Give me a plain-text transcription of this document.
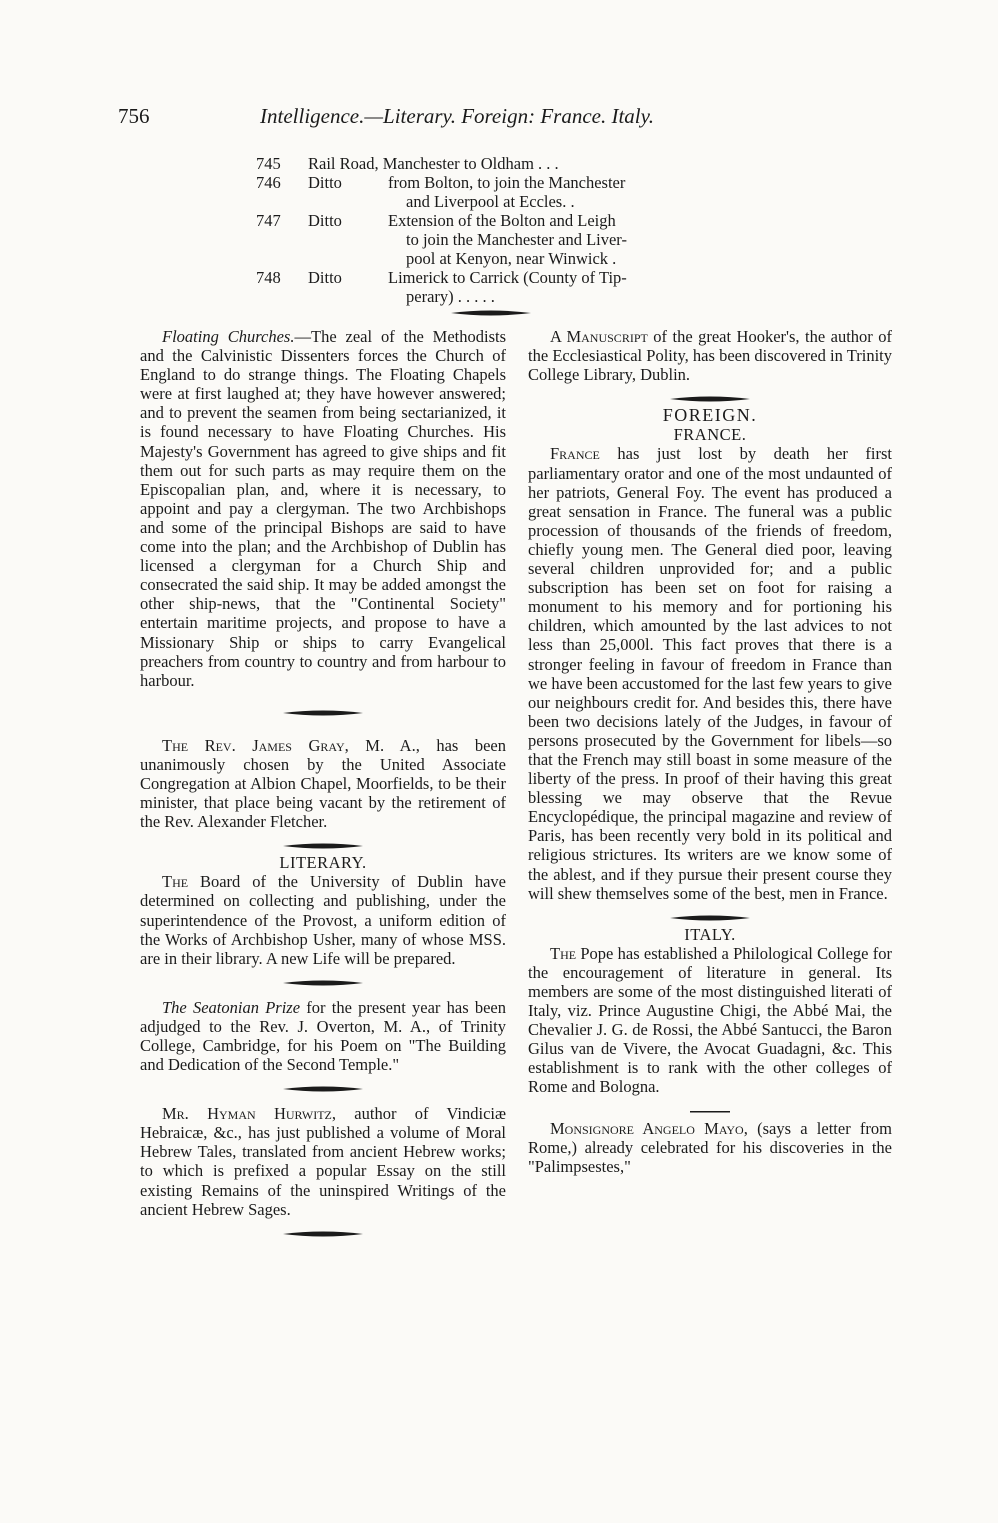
756	Intelligence.—Literary. Foreign: France. Italy.
745	Rail Road, Manchester to Oldham . . .
746	Ditto	from Bolton, to join the Manchester
and Liverpool at Eccles. .
747	Ditto	Extension of the Bolton and Leigh
to join the Manchester and Liver-
pool at Kenyon, near Winwick .
748	Ditto	Limerick to Carrick (County of Tip-
perary) . . . . .

Floating Churches.—The zeal of the Methodists and the Calvinistic Dissenters forces the Church of England to do strange things. The Floating Chapels were at first laughed at; they have however answered; and to prevent the seamen from being sectarianized, it is found necessary to have Floating Churches. His Majesty's Government has agreed to give ships and fit them out for such parts as may require them on the Episcopalian plan, and, where it is necessary, to appoint and pay a clergyman. The two Archbishops and some of the principal Bishops are said to have come into the plan; and the Archbishop of Dublin has licensed a clergyman for a Church Ship and consecrated the said ship. It may be added amongst the other ship-news, that the "Continental Society" entertain maritime projects, and propose to have a Missionary Ship or ships to carry Evangelical preachers from country to country and from harbour to harbour.

The Rev. James Gray, M. A., has been unanimously chosen by the United Associate Congregation at Albion Chapel, Moorfields, to be their minister, that place being vacant by the retirement of the Rev. Alexander Fletcher.

LITERARY.

The Board of the University of Dublin have determined on collecting and publishing, under the superintendence of the Provost, a uniform edition of the Works of Archbishop Usher, many of whose MSS. are in their library. A new Life will be prepared.

The Seatonian Prize for the present year has been adjudged to the Rev. J. Overton, M. A., of Trinity College, Cambridge, for his Poem on "The Building and Dedication of the Second Temple."

Mr. Hyman Hurwitz, author of Vindiciæ Hebraicæ, &c., has just published a volume of Moral Hebrew Tales, translated from ancient Hebrew works; to which is prefixed a popular Essay on the still existing Remains of the uninspired Writings of the ancient Hebrew Sages.

A Manuscript of the great Hooker's, the author of the Ecclesiastical Polity, has been discovered in Trinity College Library, Dublin.

FOREIGN.
FRANCE.

France has just lost by death her first parliamentary orator and one of the most undaunted of her patriots, General Foy. The event has produced a great sensation in France. The funeral was a public procession of thousands of the friends of freedom, chiefly young men. The General died poor, leaving several children unprovided for; and a public subscription has been set on foot for raising a monument to his memory and for portioning his children, which amounted by the last advices to not less than 25,000l. This fact proves that there is a stronger feeling in favour of freedom in France than we have been accustomed for the last few years to give our neighbours credit for. And besides this, there have been two decisions lately of the Judges, in favour of persons prosecuted by the Government for libels—so that the French may still boast in some measure of the liberty of the press. In proof of their having this great blessing we may observe that the Revue Encyclopédique, the principal magazine and review of Paris, has been recently very bold in its political and religious strictures. Its writers are we know some of the ablest, and if they pursue their present course they will shew themselves some of the best, men in France.

ITALY.

The Pope has established a Philological College for the encouragement of literature in general. Its members are some of the most distinguished literati of Italy, viz. Prince Augustine Chigi, the Abbé Mai, the Chevalier J. G. de Rossi, the Abbé Santucci, the Baron Gilus van de Vivere, the Avocat Guadagni, &c. This establishment is to rank with the other colleges of Rome and Bologna.

Monsignore Angelo Mayo, (says a letter from Rome,) already celebrated for his discoveries in the "Palimpsestes,"
